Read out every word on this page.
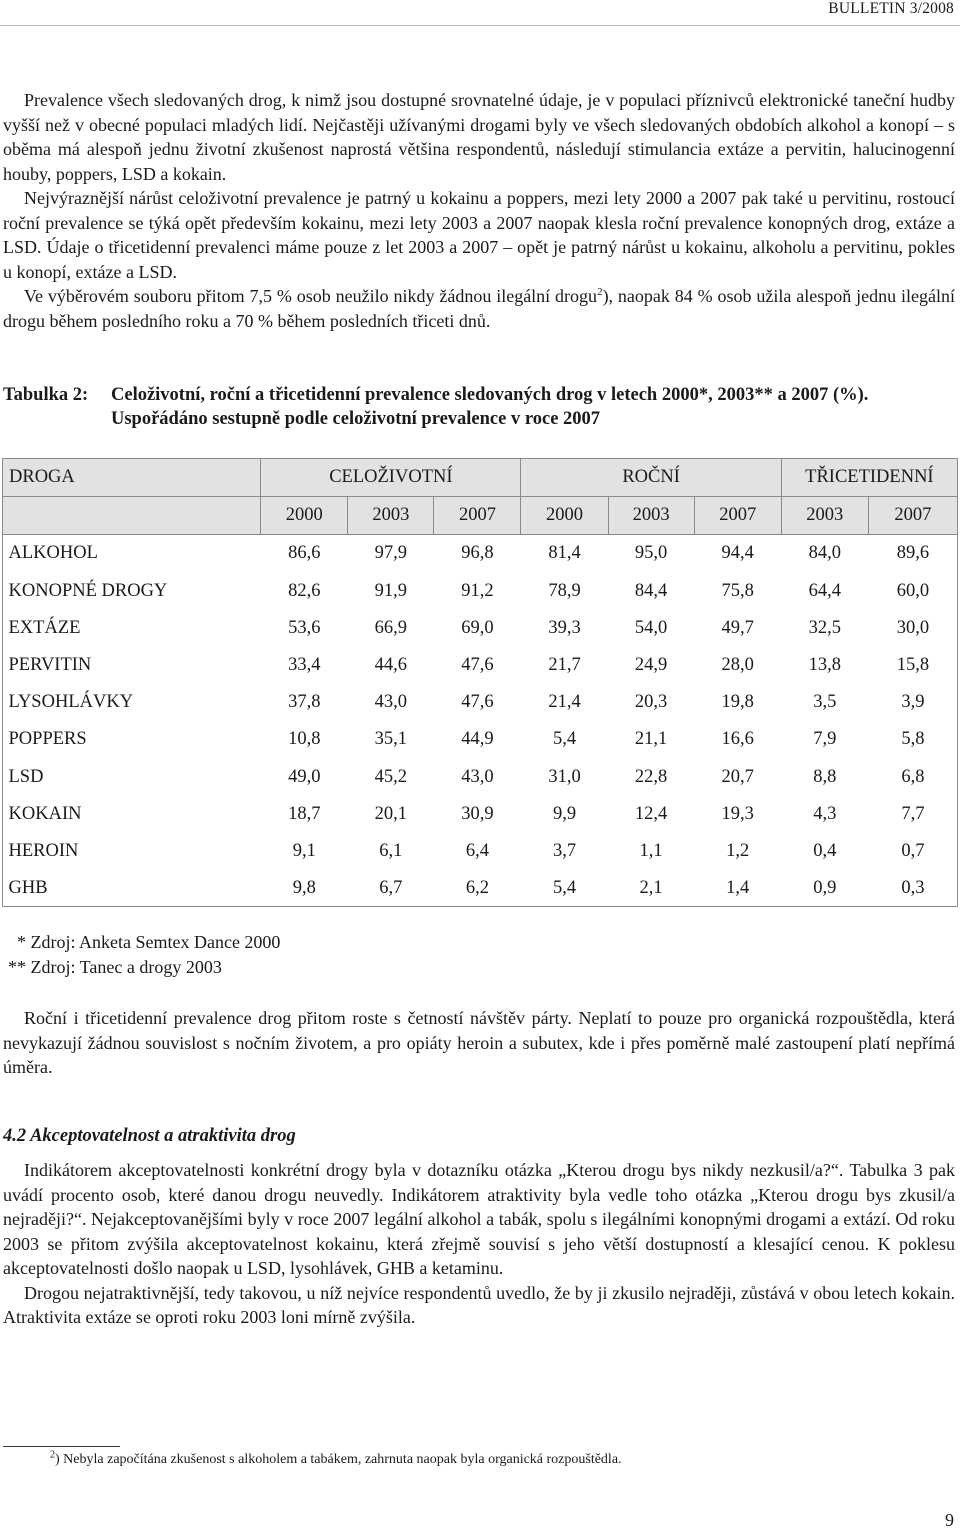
BULLETIN 3/2008

Prevalence všech sledovaných drog, k nimž jsou dostupné srovnatelné údaje, je v populaci příznivců elektronické taneční hudby vyšší než v obecné populaci mladých lidí. Nejčastěji užívanými drogami byly ve všech sledovaných obdobích alkohol a konopí – s oběma má alespoň jednu životní zkušenost naprostá většina respondentů, následují stimulancia extáze a pervitin, halucinogenní houby, poppers, LSD a kokain.

Nejvýraznější nárůst celoživotní prevalence je patrný u kokainu a poppers, mezi lety 2000 a 2007 pak také u pervitinu, rostoucí roční prevalence se týká opět především kokainu, mezi lety 2003 a 2007 naopak klesla roční prevalence konopných drog, extáze a LSD. Údaje o třicetidenní prevalenci máme pouze z let 2003 a 2007 – opět je patrný nárůst u kokainu, alkoholu a pervitinu, pokles u konopí, extáze a LSD.

Ve výběrovém souboru přitom 7,5 % osob neužilo nikdy žádnou ilegální drogu$^2$), naopak 84 % osob užila alespoň jednu ilegální drogu během posledního roku a 70 % během posledních třiceti dnů.

Tabulka 2: Celoživotní, roční a třicetidenní prevalence sledovaných drog v letech 2000*, 2003** a 2007 (%). Uspořádáno sestupně podle celoživotní prevalence v roce 2007
DROGA	CELOŽIVOTNÍ			ROČNÍ			TŘICETIDENNÍ	
	2000	2003	2007	2000	2003	2007	2003	2007
ALKOHOL	86,6	97,9	96,8	81,4	95,0	94,4	84,0	89,6
KONOPNÉ DROGY	82,6	91,9	91,2	78,9	84,4	75,8	64,4	60,0
EXTÁZE	53,6	66,9	69,0	39,3	54,0	49,7	32,5	30,0
PERVITIN	33,4	44,6	47,6	21,7	24,9	28,0	13,8	15,8
LYSOHLÁVKY	37,8	43,0	47,6	21,4	20,3	19,8	3,5	3,9
POPPERS	10,8	35,1	44,9	5,4	21,1	16,6	7,9	5,8
LSD	49,0	45,2	43,0	31,0	22,8	20,7	8,8	6,8
KOKAIN	18,7	20,1	30,9	9,9	12,4	19,3	4,3	7,7
HEROIN	9,1	6,1	6,4	3,7	1,1	1,2	0,4	0,7
GHB	9,8	6,7	6,2	5,4	2,1	1,4	0,9	0,3
* Zdroj: Anketa Semtex Dance 2000
** Zdroj: Tanec a drogy 2003

Roční i třicetidenní prevalence drog přitom roste s četností návštěv párty. Neplatí to pouze pro organická rozpouštědla, která nevykazují žádnou souvislost s nočním životem, a pro opiáty heroin a subutex, kde i přes poměrně malé zastoupení platí nepřímá úměra.

4.2 Akceptovatelnost a atraktivita drog

Indikátorem akceptovatelnosti konkrétní drogy byla v dotazníku otázka „Kterou drogu bys nikdy nezkusil/a?“. Tabulka 3 pak uvádí procento osob, které danou drogu neuvedly. Indikátorem atraktivity byla vedle toho otázka „Kterou drogu bys zkusil/a nejraději?“. Nejakceptovanějšími byly v roce 2007 legální alkohol a tabák, spolu s ilegálními konopnými drogami a extází. Od roku 2003 se přitom zvýšila akceptovatelnost kokainu, která zřejmě souvisí s jeho větší dostupností a klesající cenou. K poklesu akceptovatelnosti došlo naopak u LSD, lysohlávek, GHB a ketaminu.

Drogou nejatraktivnější, tedy takovou, u níž nejvíce respondentů uvedlo, že by ji zkusilo nejraději, zůstává v obou letech kokain. Atraktivita extáze se oproti roku 2003 loni mírně zvýšila.

$^2$) Nebyla započítána zkušenost s alkoholem a tabákem, zahrnuta naopak byla organická rozpouštědla.
9
